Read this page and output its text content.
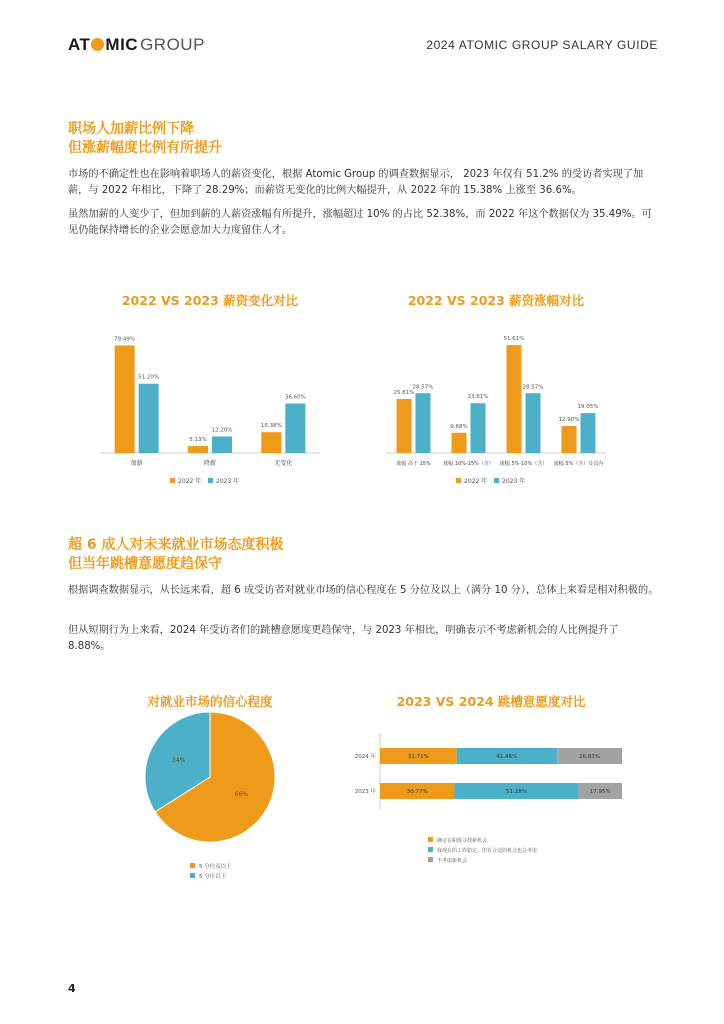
AT MIC GROUP	2024 ATOMIC GROUP SALARY GUIDE
职场人加薪比例下降
但涨薪幅度比例有所提升
市场的不确定性也在影响着职场人的薪资变化，根据 Atomic Group 的调查数据显示， 2023 年仅有 51.2% 的受访者实现了加薪，与 2022 年相比，下降了 28.29%；而薪资无变化的比例大幅提升，从 2022 年的 15.38% 上涨至 36.6%。
虽然加薪的人变少了，但加到薪的人薪资涨幅有所提升，涨幅超过 10% 的占比 52.38%，而 2022 年这个数据仅为 35.49%。可见仍能保持增长的企业会愿意加大力度留住人才。
2022 VS 2023 薪资变化对比
79.49%
51.20%
加薪
5.13%
12.20%
降薪
15.38%
36.60%
无变化
2022 年 2023 年
2022 VS 2023 薪资涨幅对比
25.81%
28.57%
涨幅 高于 15%
9.68%
23.81%
涨幅 10%-15%（含）
51.61%
28.57%
涨幅 5%-10%（含）
12.90%
19.05%
涨幅 5%（含）及以内
2022 年 2023 年
超 6 成人对未来就业市场态度积极
但当年跳槽意愿度趋保守
根据调查数据显示，从长远来看，超 6 成受访者对就业市场的信心程度在 5 分位及以上（满分 10 分），总体上来看是相对积极的。
但从短期行为上来看，2024 年受访者们的跳槽意愿度更趋保守，与 2023 年相比，明确表示不考虑新机会的人比例提升了 8.88%。
对就业市场的信心程度
66%
34%
5 分位及以上
5 分位以下
2023 VS 2024 跳槽意愿度对比
2024 年	31.71%	41.46%	26.83%
2023 年	30.77%	51.28%	17.95%
确定在职级寻找新机会
我现在的工作稳定，但有合适的机会也会考虑
不考虑新机会
4
